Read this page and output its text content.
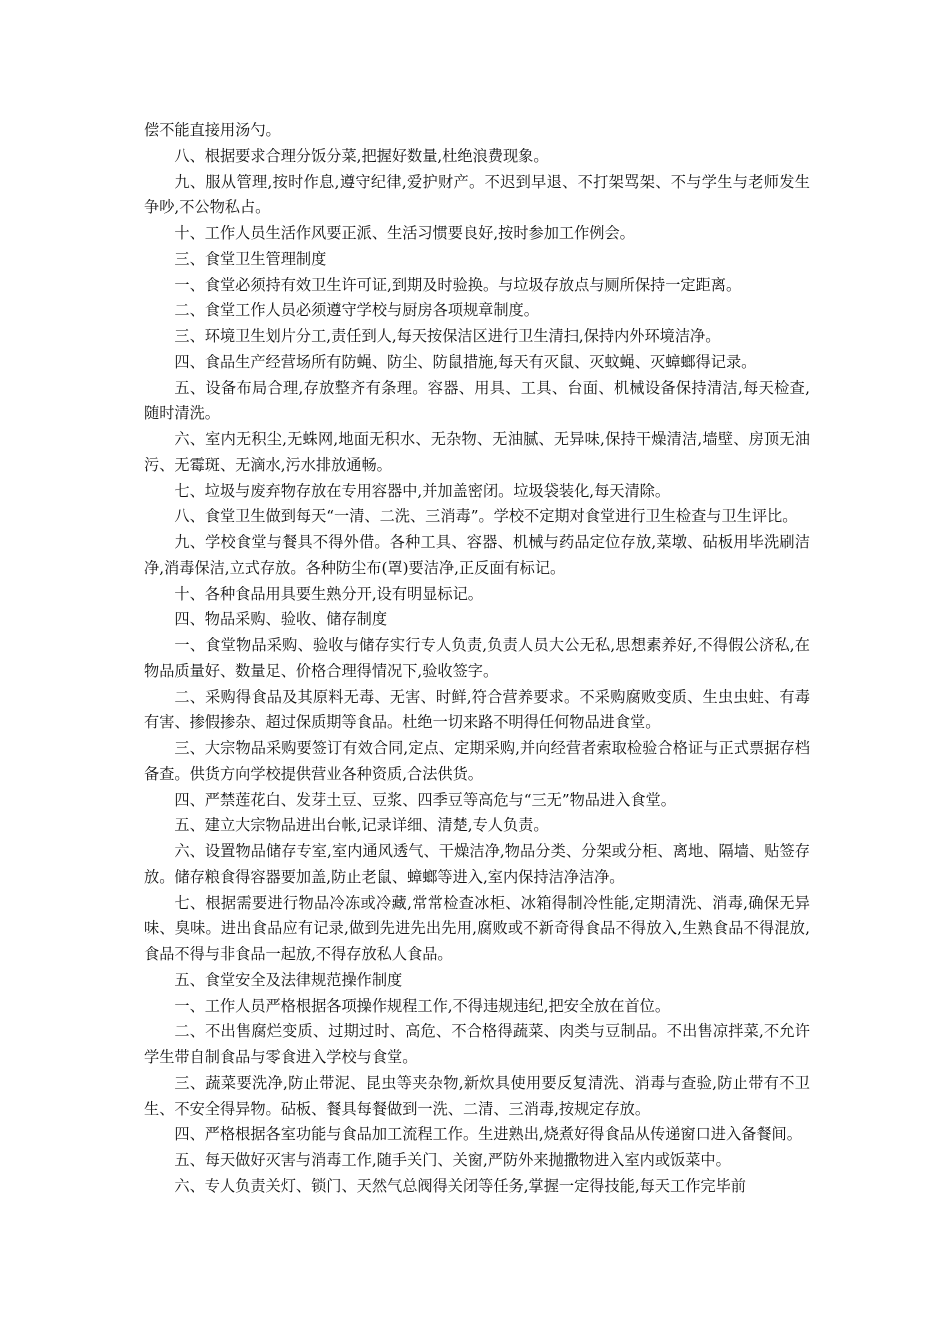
偿不能直接用汤勺。

八、根据要求合理分饭分菜,把握好数量,杜绝浪费现象。

九、服从管理,按时作息,遵守纪律,爱护财产。不迟到早退、不打架骂架、不与学生与老师发生争吵,不公物私占。

十、工作人员生活作风要正派、生活习惯要良好,按时参加工作例会。

三、食堂卫生管理制度

一、食堂必须持有效卫生许可证,到期及时验换。与垃圾存放点与厕所保持一定距离。

二、食堂工作人员必须遵守学校与厨房各项规章制度。

三、环境卫生划片分工,责任到人,每天按保洁区进行卫生清扫,保持内外环境洁净。

四、食品生产经营场所有防蝇、防尘、防鼠措施,每天有灭鼠、灭蚊蝇、灭蟑螂得记录。

五、设备布局合理,存放整齐有条理。容器、用具、工具、台面、机械设备保持清洁,每天检查,随时清洗。

六、室内无积尘,无蛛网,地面无积水、无杂物、无油腻、无异味,保持干燥清洁,墙壁、房顶无油污、无霉斑、无滴水,污水排放通畅。

七、垃圾与废弃物存放在专用容器中,并加盖密闭。垃圾袋装化,每天清除。

八、食堂卫生做到每天“一清、二洗、三消毒”。学校不定期对食堂进行卫生检查与卫生评比。

九、学校食堂与餐具不得外借。各种工具、容器、机械与药品定位存放,菜墩、砧板用毕洗刷洁净,消毒保洁,立式存放。各种防尘布(罩)要洁净,正反面有标记。

十、各种食品用具要生熟分开,设有明显标记。

四、物品采购、验收、储存制度

一、食堂物品采购、验收与储存实行专人负责,负责人员大公无私,思想素养好,不得假公济私,在物品质量好、数量足、价格合理得情况下,验收签字。

二、采购得食品及其原料无毒、无害、时鲜,符合营养要求。不采购腐败变质、生虫虫蛀、有毒有害、掺假掺杂、超过保质期等食品。杜绝一切来路不明得任何物品进食堂。

三、大宗物品采购要签订有效合同,定点、定期采购,并向经营者索取检验合格证与正式票据存档备查。供货方向学校提供营业各种资质,合法供货。

四、严禁莲花白、发芽土豆、豆浆、四季豆等高危与“三无”物品进入食堂。

五、建立大宗物品进出台帐,记录详细、清楚,专人负责。

六、设置物品储存专室,室内通风透气、干燥洁净,物品分类、分架或分柜、离地、隔墙、贴签存放。储存粮食得容器要加盖,防止老鼠、蟑螂等进入,室内保持洁净洁净。

七、根据需要进行物品冷冻或冷藏,常常检查冰柜、冰箱得制冷性能,定期清洗、消毒,确保无异味、臭味。进出食品应有记录,做到先进先出先用,腐败或不新奇得食品不得放入,生熟食品不得混放,食品不得与非食品一起放,不得存放私人食品。

五、食堂安全及法律规范操作制度

一、工作人员严格根据各项操作规程工作,不得违规违纪,把安全放在首位。

二、不出售腐烂变质、过期过时、高危、不合格得蔬菜、肉类与豆制品。不出售凉拌菜,不允许学生带自制食品与零食进入学校与食堂。

三、蔬菜要洗净,防止带泥、昆虫等夹杂物,新炊具使用要反复清洗、消毒与查验,防止带有不卫生、不安全得异物。砧板、餐具每餐做到一洗、二清、三消毒,按规定存放。

四、严格根据各室功能与食品加工流程工作。生进熟出,烧煮好得食品从传递窗口进入备餐间。

五、每天做好灭害与消毒工作,随手关门、关窗,严防外来抛撒物进入室内或饭菜中。

六、专人负责关灯、锁门、天然气总阀得关闭等任务,掌握一定得技能,每天工作完毕前
